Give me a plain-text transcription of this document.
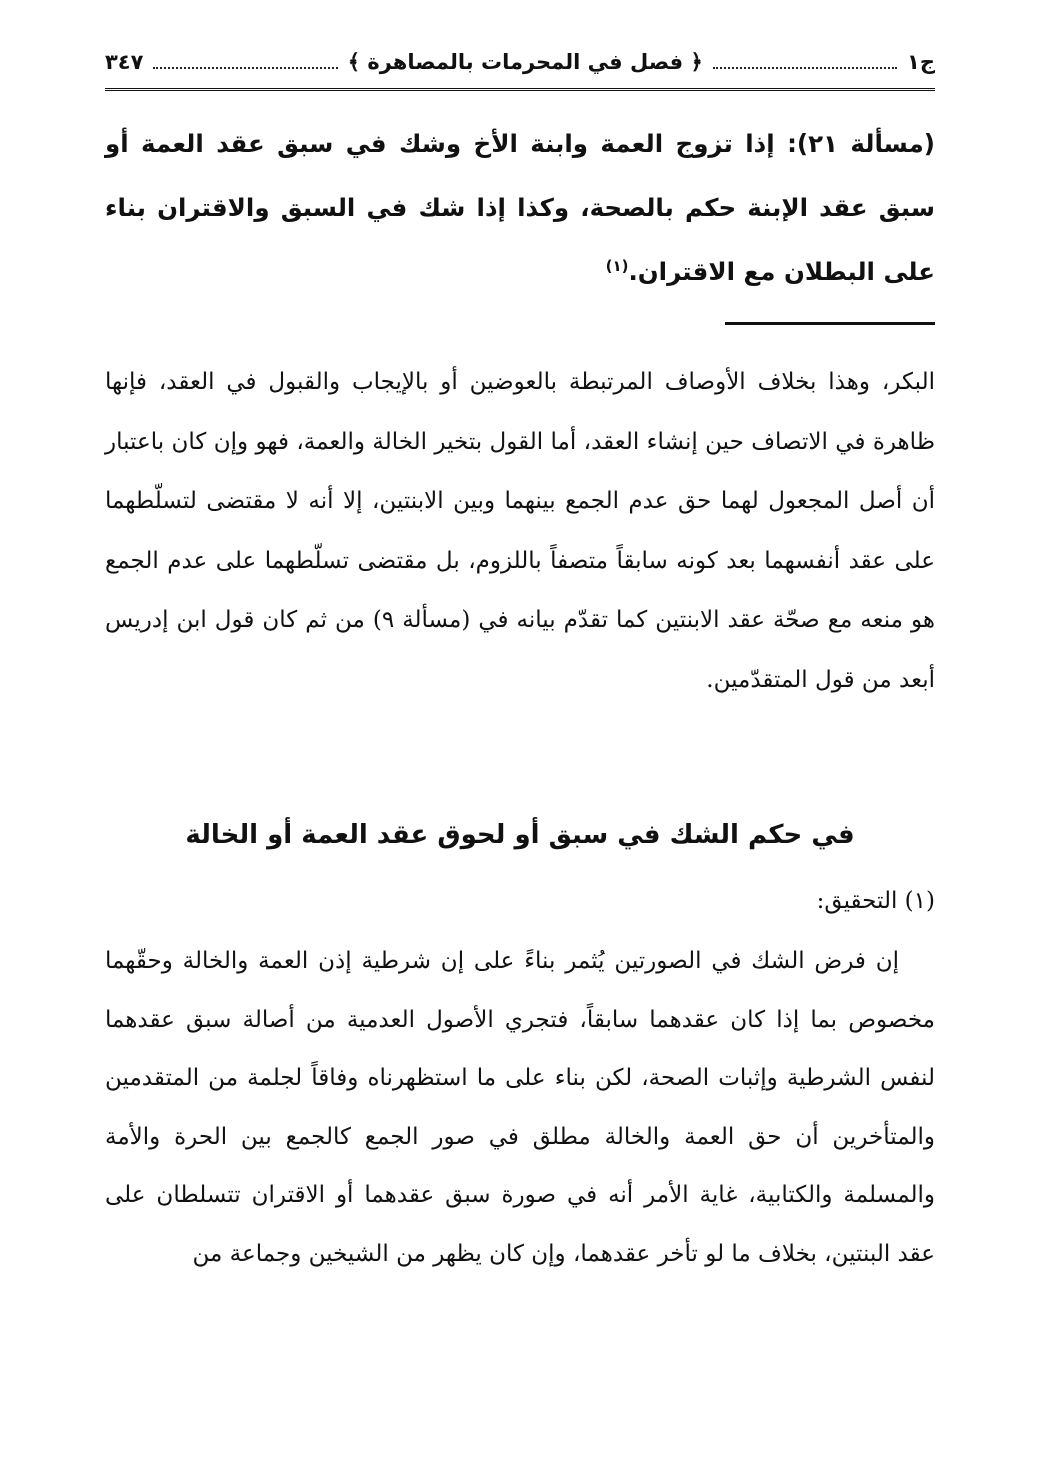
ج١
﴿ فصل في المحرمات بالمصاهرة ﴾
٣٤٧
(مسألة ٢١): إذا تزوج العمة وابنة الأخ وشك في سبق عقد العمة أو سبق عقد الإبنة حكم بالصحة، وكذا إذا شك في السبق والاقتران بناء على البطلان مع الاقتران.$^{(١)}$
البكر، وهذا بخلاف الأوصاف المرتبطة بالعوضين أو بالإيجاب والقبول في العقد، فإنها ظاهرة في الاتصاف حين إنشاء العقد، أما القول بتخير الخالة والعمة، فهو وإن كان باعتبار أن أصل المجعول لهما حق عدم الجمع بينهما وبين الابنتين، إلا أنه لا مقتضى لتسلّطهما على عقد أنفسهما بعد كونه سابقاً متصفاً باللزوم، بل مقتضى تسلّطهما على عدم الجمع هو منعه مع صحّة عقد الابنتين كما تقدّم بيانه في (مسألة ٩) من ثم كان قول ابن إدريس أبعد من قول المتقدّمين.
في حكم الشك في سبق أو لحوق عقد العمة أو الخالة
(١) التحقيق:
إن فرض الشك في الصورتين يُثمر بناءً على إن شرطية إذن العمة والخالة وحقّهما مخصوص بما إذا كان عقدهما سابقاً، فتجري الأصول العدمية من أصالة سبق عقدهما لنفس الشرطية وإثبات الصحة، لكن بناء على ما استظهرناه وفاقاً لجلمة من المتقدمين والمتأخرين أن حق العمة والخالة مطلق في صور الجمع كالجمع بين الحرة والأمة والمسلمة والكتابية، غاية الأمر أنه في صورة سبق عقدهما أو الاقتران تتسلطان على عقد البنتين، بخلاف ما لو تأخر عقدهما، وإن كان يظهر من الشيخين وجماعة من
